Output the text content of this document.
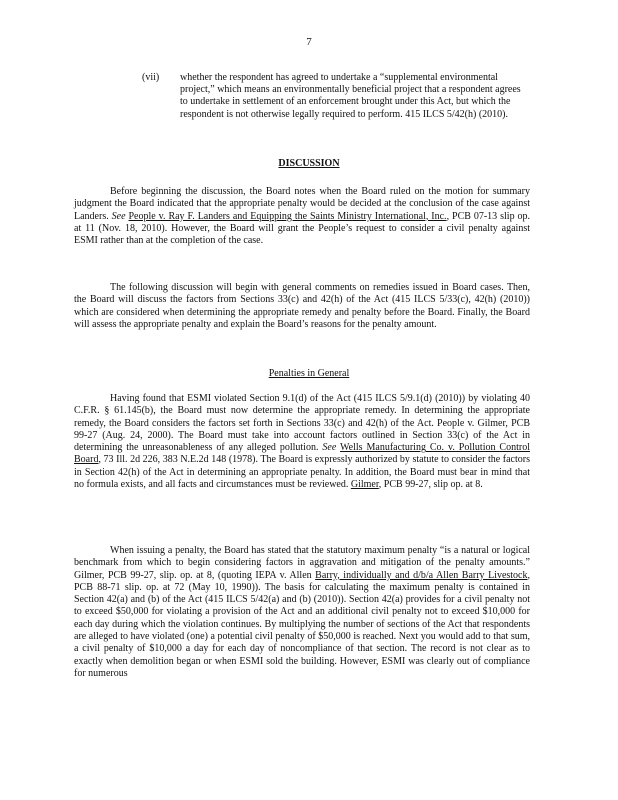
7
(vii) whether the respondent has agreed to undertake a “supplemental environmental project,” which means an environmentally beneficial project that a respondent agrees to undertake in settlement of an enforcement brought under this Act, but which the respondent is not otherwise legally required to perform. 415 ILCS 5/42(h) (2010).
DISCUSSION
Before beginning the discussion, the Board notes when the Board ruled on the motion for summary judgment the Board indicated that the appropriate penalty would be decided at the conclusion of the case against Landers. See People v. Ray F. Landers and Equipping the Saints Ministry International, Inc., PCB 07-13 slip op. at 11 (Nov. 18, 2010). However, the Board will grant the People’s request to consider a civil penalty against ESMI rather than at the completion of the case.
The following discussion will begin with general comments on remedies issued in Board cases. Then, the Board will discuss the factors from Sections 33(c) and 42(h) of the Act (415 ILCS 5/33(c), 42(h) (2010)) which are considered when determining the appropriate remedy and penalty before the Board. Finally, the Board will assess the appropriate penalty and explain the Board’s reasons for the penalty amount.
Penalties in General
Having found that ESMI violated Section 9.1(d) of the Act (415 ILCS 5/9.1(d) (2010)) by violating 40 C.F.R. § 61.145(b), the Board must now determine the appropriate remedy. In determining the appropriate remedy, the Board considers the factors set forth in Sections 33(c) and 42(h) of the Act. People v. Gilmer, PCB 99-27 (Aug. 24, 2000). The Board must take into account factors outlined in Section 33(c) of the Act in determining the unreasonableness of any alleged pollution. See Wells Manufacturing Co. v. Pollution Control Board, 73 Ill. 2d 226, 383 N.E.2d 148 (1978). The Board is expressly authorized by statute to consider the factors in Section 42(h) of the Act in determining an appropriate penalty. In addition, the Board must bear in mind that no formula exists, and all facts and circumstances must be reviewed. Gilmer, PCB 99-27, slip op. at 8.
When issuing a penalty, the Board has stated that the statutory maximum penalty “is a natural or logical benchmark from which to begin considering factors in aggravation and mitigation of the penalty amounts.” Gilmer, PCB 99-27, slip. op. at 8, (quoting IEPA v. Allen Barry, individually and d/b/a Allen Barry Livestock, PCB 88-71 slip. op. at 72 (May 10, 1990)). The basis for calculating the maximum penalty is contained in Section 42(a) and (b) of the Act (415 ILCS 5/42(a) and (b) (2010)). Section 42(a) provides for a civil penalty not to exceed $50,000 for violating a provision of the Act and an additional civil penalty not to exceed $10,000 for each day during which the violation continues. By multiplying the number of sections of the Act that respondents are alleged to have violated (one) a potential civil penalty of $50,000 is reached. Next you would add to that sum, a civil penalty of $10,000 a day for each day of noncompliance of that section. The record is not clear as to exactly when demolition began or when ESMI sold the building. However, ESMI was clearly out of compliance for numerous
